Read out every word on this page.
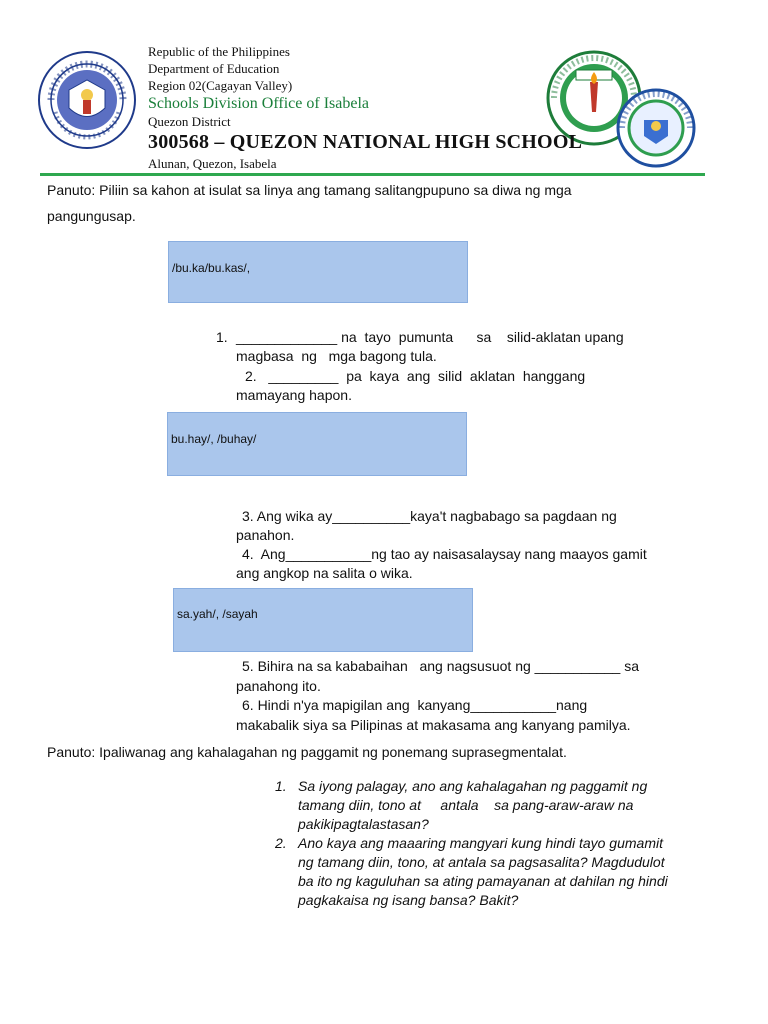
Republic of the Philippines
Department of Education
Region 02(Cagayan Valley)
Schools Division Office of Isabela
Quezon District
300568 – QUEZON NATIONAL HIGH SCHOOL
Alunan, Quezon, Isabela
Panuto: Piliin sa kahon at isulat sa linya ang tamang salitangpupuno sa diwa ng mga
pangungusap.
/bu.ka/bu.kas/,
1. _____________ na  tayo  pumunta      sa    silid-aklatan upang
magbasa  ng   mga bagong tula.
2.   _________  pa  kaya  ang  silid  aklatan  hanggang
mamayang hapon.
bu.hay/, /buhay/
3. Ang wika ay__________kaya't nagbabago sa pagdaan ng
panahon.
4.  Ang___________ng tao ay naisasalaysay nang maayos gamit
ang angkop na salita o wika.
sa.yah/, /sayah
5. Bihira na sa kababaihan   ang nagsusuot ng ___________ sa
panahong ito.
6. Hindi n'ya mapigilan ang  kanyang___________nang
makabalik siya sa Pilipinas at makasama ang kanyang pamilya.
Panuto: Ipaliwanag ang kahalagahan ng paggamit ng ponemang suprasegmentalat.
1. Sa iyong palagay, ano ang kahalagahan ng paggamit ng
tamang diin, tono at     antala    sa pang-araw-araw na
pakikipagtalastasan?
2. Ano kaya ang maaaring mangyari kung hindi tayo gumamit
ng tamang diin, tono, at antala sa pagsasalita? Magdudulot
ba ito ng kaguluhan sa ating pamayanan at dahilan ng hindi
pagkakaisa ng isang bansa? Bakit?
